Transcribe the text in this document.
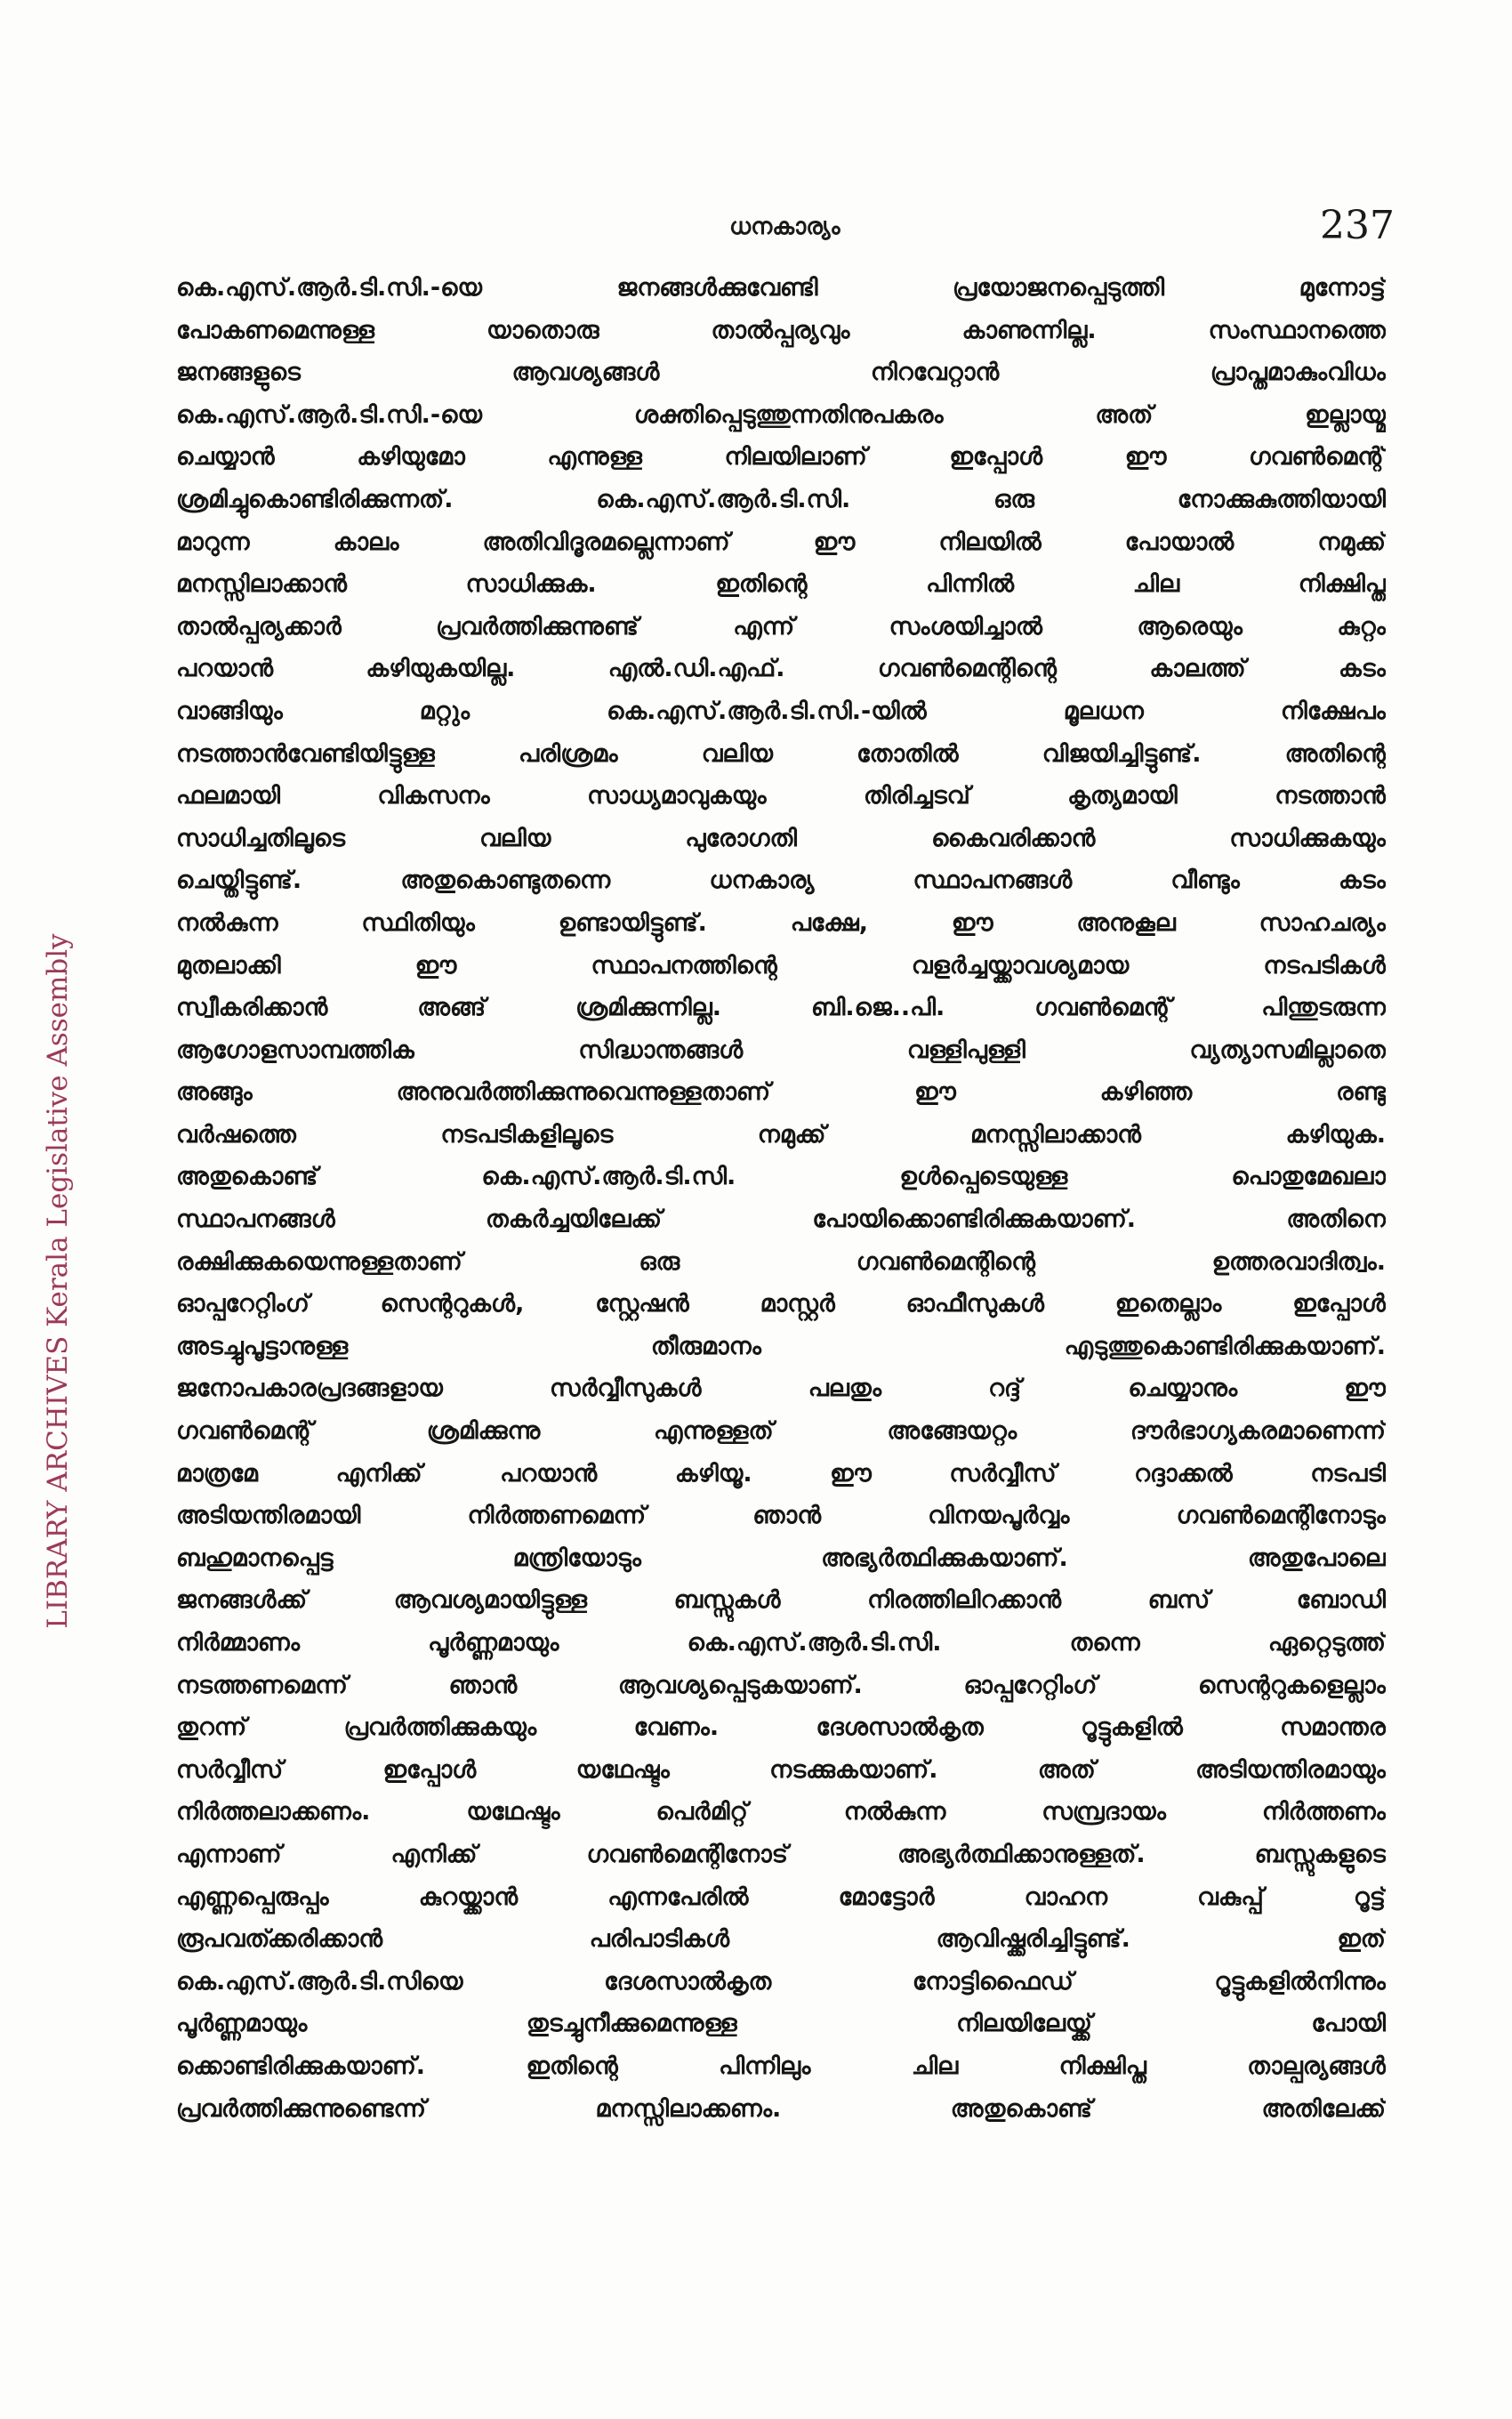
ധനകാര്യം	237
LIBRARY ARCHIVES Kerala Legislative Assembly
കെ.എസ്.ആർ.ടി.സി.-യെ ജനങ്ങൾക്കുവേണ്ടി പ്രയോജനപ്പെടുത്തി മുന്നോട്ട്
പോകണമെന്നുള്ള യാതൊരു താൽപ്പര്യവും കാണുന്നില്ല. സംസ്ഥാനത്തെ
ജനങ്ങളുടെ ആവശ്യങ്ങൾ നിറവേറ്റാൻ പ്രാപ്തമാകുംവിധം
കെ.എസ്.ആർ.ടി.സി.-യെ ശക്തിപ്പെടുത്തുന്നതിനുപകരം അത് ഇല്ലായ്മ
ചെയ്യാൻ കഴിയുമോ എന്നുള്ള നിലയിലാണ് ഇപ്പോൾ ഈ ഗവൺമെന്റ്
ശ്രമിച്ചുകൊണ്ടിരിക്കുന്നത്. കെ.എസ്.ആർ.ടി.സി. ഒരു നോക്കുകുത്തിയായി
മാറുന്ന കാലം അതിവിദൂരമല്ലെന്നാണ് ഈ നിലയിൽ പോയാൽ നമുക്ക്
മനസ്സിലാക്കാൻ സാധിക്കുക. ഇതിന്റെ പിന്നിൽ ചില നിക്ഷിപ്ത
താൽപ്പര്യക്കാർ പ്രവർത്തിക്കുന്നുണ്ട് എന്ന് സംശയിച്ചാൽ ആരെയും കുറ്റം
പറയാൻ കഴിയുകയില്ല. എൽ.ഡി.എഫ്. ഗവൺമെന്റിന്റെ കാലത്ത് കടം
വാങ്ങിയും മറ്റും കെ.എസ്.ആർ.ടി.സി.-യിൽ മൂലധന നിക്ഷേപം
നടത്താൻവേണ്ടിയിട്ടുള്ള പരിശ്രമം വലിയ തോതിൽ വിജയിച്ചിട്ടുണ്ട്. അതിന്റെ
ഫലമായി വികസനം സാധ്യമാവുകയും തിരിച്ചടവ് കൃത്യമായി നടത്താൻ
സാധിച്ചതിലൂടെ വലിയ പുരോഗതി കൈവരിക്കാൻ സാധിക്കുകയും
ചെയ്തിട്ടുണ്ട്. അതുകൊണ്ടുതന്നെ ധനകാര്യ സ്ഥാപനങ്ങൾ വീണ്ടും കടം
നൽകുന്ന സ്ഥിതിയും ഉണ്ടായിട്ടുണ്ട്. പക്ഷേ, ഈ അനുകൂല സാഹചര്യം
മുതലാക്കി ഈ സ്ഥാപനത്തിന്റെ വളർച്ചയ്ക്കാവശ്യമായ നടപടികൾ
സ്വീകരിക്കാൻ അങ്ങ് ശ്രമിക്കുന്നില്ല. ബി.ജെ..പി. ഗവൺമെന്റ് പിന്തുടരുന്ന
ആഗോളസാമ്പത്തിക സിദ്ധാന്തങ്ങൾ വള്ളിപുള്ളി വ്യത്യാസമില്ലാതെ
അങ്ങും അനുവർത്തിക്കുന്നുവെന്നുള്ളതാണ് ഈ കഴിഞ്ഞ രണ്ടു
വർഷത്തെ നടപടികളിലൂടെ നമുക്ക് മനസ്സിലാക്കാൻ കഴിയുക.
അതുകൊണ്ട് കെ.എസ്.ആർ.ടി.സി. ഉൾപ്പെടെയുള്ള പൊതുമേഖലാ
സ്ഥാപനങ്ങൾ തകർച്ചയിലേക്ക് പോയിക്കൊണ്ടിരിക്കുകയാണ്. അതിനെ
രക്ഷിക്കുകയെന്നുള്ളതാണ് ഒരു ഗവൺമെന്റിന്റെ ഉത്തരവാദിത്വം.
ഓപ്പറേറ്റിംഗ് സെന്ററുകൾ, സ്റ്റേഷൻ മാസ്റ്റർ ഓഫീസുകൾ ഇതെല്ലാം ഇപ്പോൾ
അടച്ചുപൂട്ടാനുള്ള തീരുമാനം എടുത്തുകൊണ്ടിരിക്കുകയാണ്.
ജനോപകാരപ്രദങ്ങളായ സർവ്വീസുകൾ പലതും റദ്ദ് ചെയ്യാനും ഈ
ഗവൺമെന്റ് ശ്രമിക്കുന്നു എന്നുള്ളത് അങ്ങേയറ്റം ദൗർഭാഗ്യകരമാണെന്ന്
മാത്രമേ എനിക്ക് പറയാൻ കഴിയൂ. ഈ സർവ്വീസ് റദ്ദാക്കൽ നടപടി
അടിയന്തിരമായി നിർത്തണമെന്ന് ഞാൻ വിനയപൂർവ്വം ഗവൺമെന്റിനോടും
ബഹുമാനപ്പെട്ട മന്ത്രിയോടും അഭ്യർത്ഥിക്കുകയാണ്. അതുപോലെ
ജനങ്ങൾക്ക് ആവശ്യമായിട്ടുള്ള ബസ്സുകൾ നിരത്തിലിറക്കാൻ ബസ് ബോഡി
നിർമ്മാണം പൂർണ്ണമായും കെ.എസ്.ആർ.ടി.സി. തന്നെ ഏറ്റെടുത്ത്
നടത്തണമെന്ന് ഞാൻ ആവശ്യപ്പെടുകയാണ്. ഓപ്പറേറ്റിംഗ് സെന്ററുകളെല്ലാം
തുറന്ന് പ്രവർത്തിക്കുകയും വേണം. ദേശസാൽകൃത റൂട്ടുകളിൽ സമാന്തര
സർവ്വീസ് ഇപ്പോൾ യഥേഷ്ടം നടക്കുകയാണ്. അത് അടിയന്തിരമായും
നിർത്തലാക്കണം. യഥേഷ്ടം പെർമിറ്റ് നൽകുന്ന സമ്പ്രദായം നിർത്തണം
എന്നാണ് എനിക്ക് ഗവൺമെന്റിനോട് അഭ്യർത്ഥിക്കാനുള്ളത്. ബസ്സുകളുടെ
എണ്ണപ്പെരുപ്പം കുറയ്ക്കാൻ എന്നപേരിൽ മോട്ടോർ വാഹന വകുപ്പ് റൂട്ട്
രൂപവത്ക്കരിക്കാൻ പരിപാടികൾ ആവിഷ്ക്കരിച്ചിട്ടുണ്ട്. ഇത്
കെ.എസ്.ആർ.ടി.സിയെ ദേശസാൽകൃത നോട്ടിഫൈഡ് റൂട്ടുകളിൽനിന്നും
പൂർണ്ണമായും തുടച്ചുനീക്കുമെന്നുള്ള നിലയിലേയ്ക്ക് പോയി
ക്കൊണ്ടിരിക്കുകയാണ്. ഇതിന്റെ പിന്നിലും ചില നിക്ഷിപ്ത താല്പര്യങ്ങൾ
പ്രവർത്തിക്കുന്നുണ്ടെന്ന് മനസ്സിലാക്കണം. അതുകൊണ്ട് അതിലേക്ക്
